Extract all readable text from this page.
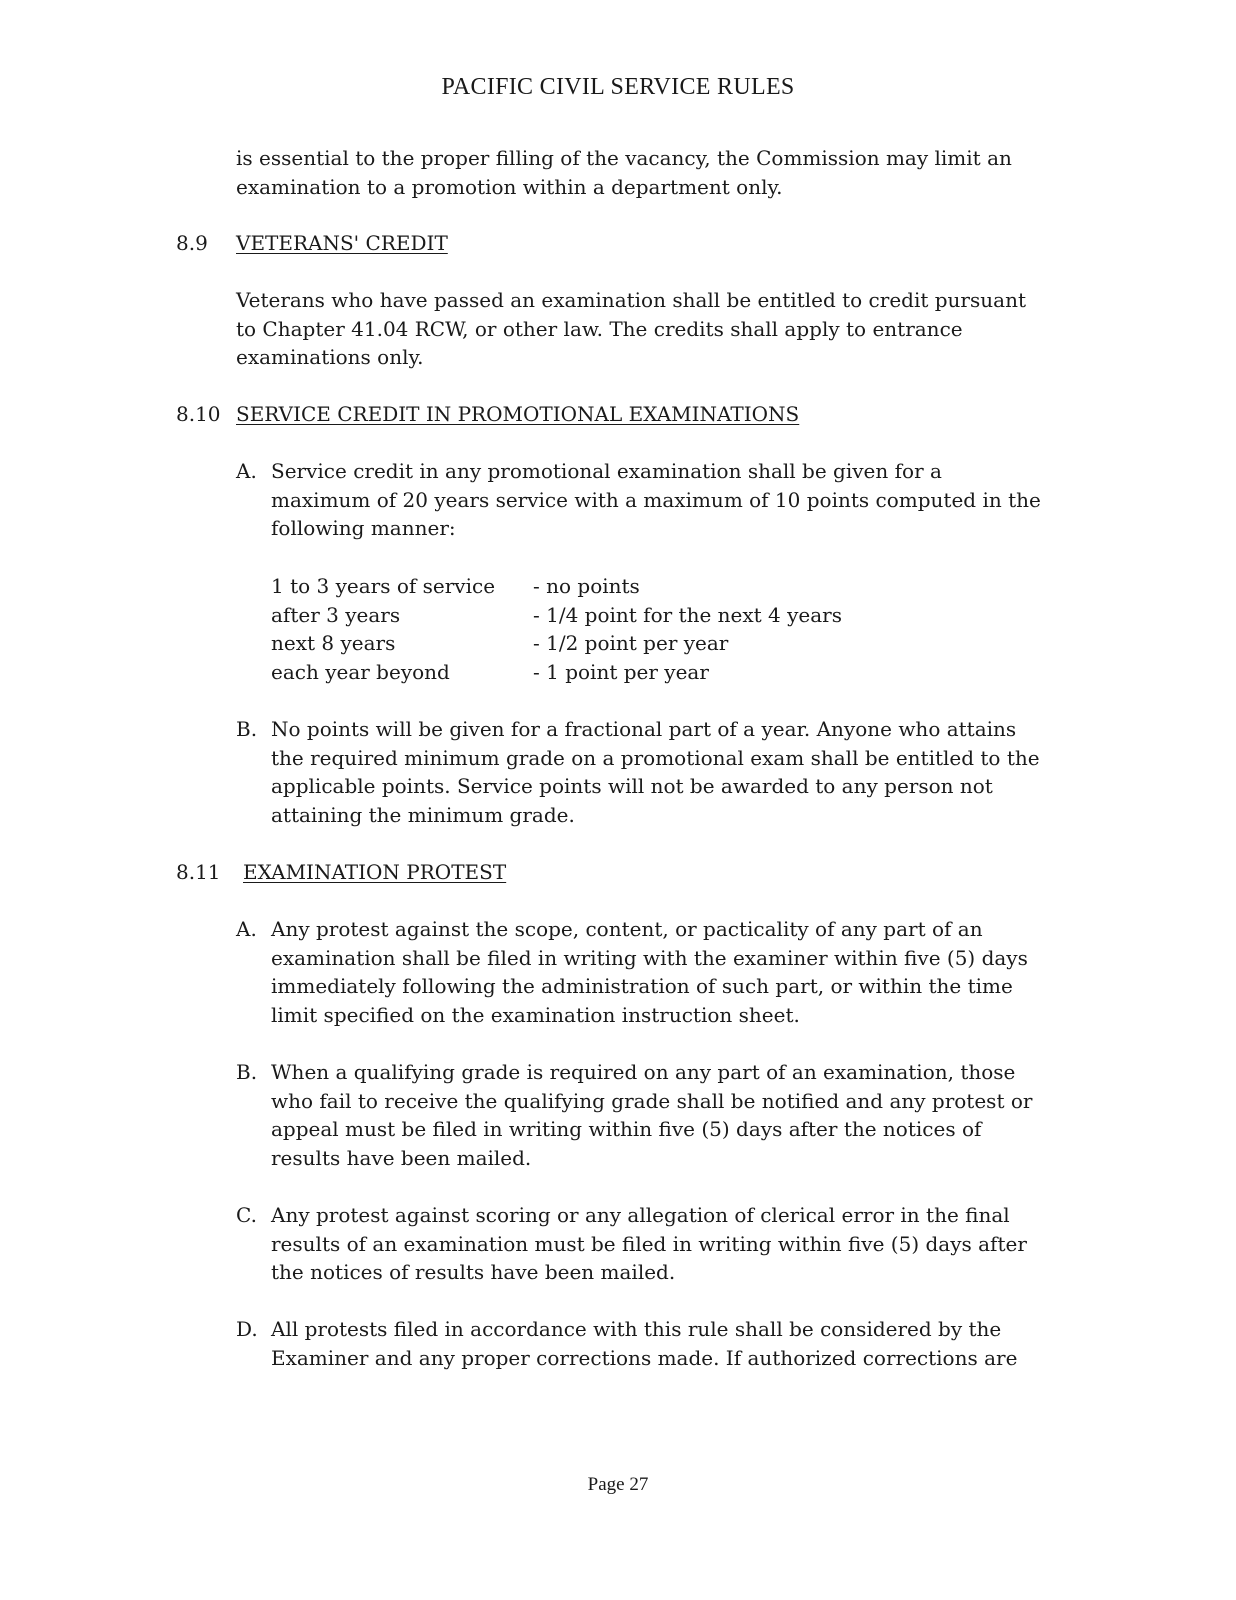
PACIFIC CIVIL SERVICE RULES
is essential to the proper filling of the vacancy, the Commission may limit an
examination to a promotion within a department only.
8.9 VETERANS' CREDIT
Veterans who have passed an examination shall be entitled to credit pursuant
to Chapter 41.04 RCW, or other law. The credits shall apply to entrance
examinations only.
8.10 SERVICE CREDIT IN PROMOTIONAL EXAMINATIONS
A. Service credit in any promotional examination shall be given for a
maximum of 20 years service with a maximum of 10 points computed in the
following manner:
1 to 3 years of service - no points
after 3 years	- 1/4 point for the next 4 years
next 8 years	- 1/2 point per year
each year beyond	- 1 point per year
B. No points will be given for a fractional part of a year. Anyone who attains
the required minimum grade on a promotional exam shall be entitled to the
applicable points. Service points will not be awarded to any person not
attaining the minimum grade.
8.11 EXAMINATION PROTEST
A. Any protest against the scope, content, or pacticality of any part of an
examination shall be filed in writing with the examiner within five (5) days
immediately following the administration of such part, or within the time
limit specified on the examination instruction sheet.
B. When a qualifying grade is required on any part of an examination, those
who fail to receive the qualifying grade shall be notified and any protest or
appeal must be filed in writing within five (5) days after the notices of
results have been mailed.
C. Any protest against scoring or any allegation of clerical error in the final
results of an examination must be filed in writing within five (5) days after
the notices of results have been mailed.
D. All protests filed in accordance with this rule shall be considered by the
Examiner and any proper corrections made. If authorized corrections are
Page 27
